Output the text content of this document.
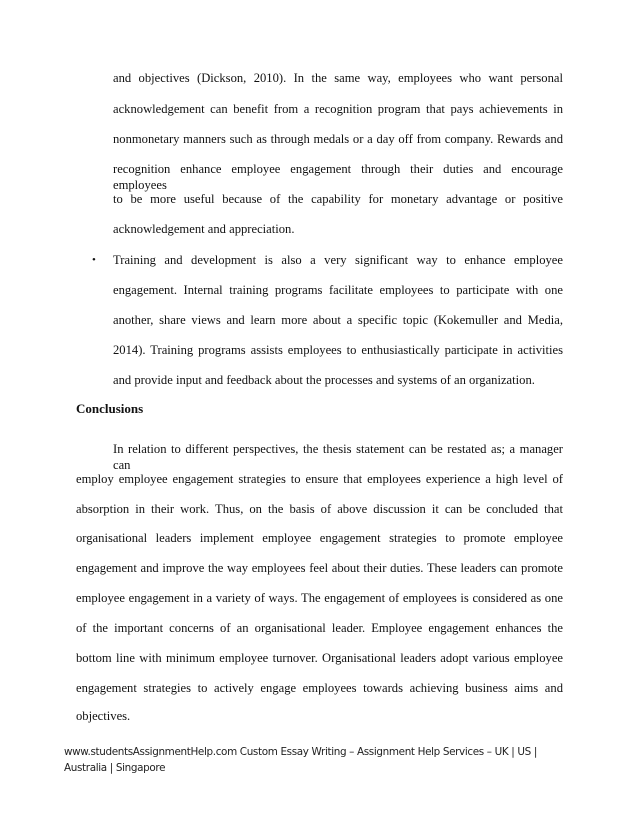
and objectives (Dickson, 2010). In the same way, employees who want personal
acknowledgement can benefit from a recognition program that pays achievements in
nonmonetary manners such as through medals or a day off from company. Rewards and
recognition enhance employee engagement through their duties and encourage employees
to be more useful because of the capability for monetary advantage or positive
acknowledgement and appreciation.
• Training and development is also a very significant way to enhance employee
engagement. Internal training programs facilitate employees to participate with one
another, share views and learn more about a specific topic (Kokemuller and Media,
2014). Training programs assists employees to enthusiastically participate in activities
and provide input and feedback about the processes and systems of an organization.
Conclusions
In relation to different perspectives, the thesis statement can be restated as; a manager can
employ employee engagement strategies to ensure that employees experience a high level of
absorption in their work. Thus, on the basis of above discussion it can be concluded that
organisational leaders implement employee engagement strategies to promote employee
engagement and improve the way employees feel about their duties. These leaders can promote
employee engagement in a variety of ways. The engagement of employees is considered as one
of the important concerns of an organisational leader. Employee engagement enhances the
bottom line with minimum employee turnover. Organisational leaders adopt various employee
engagement strategies to actively engage employees towards achieving business aims and
objectives.
www.studentsAssignmentHelp.com Custom Essay Writing – Assignment Help Services – UK | US | Australia | Singapore
